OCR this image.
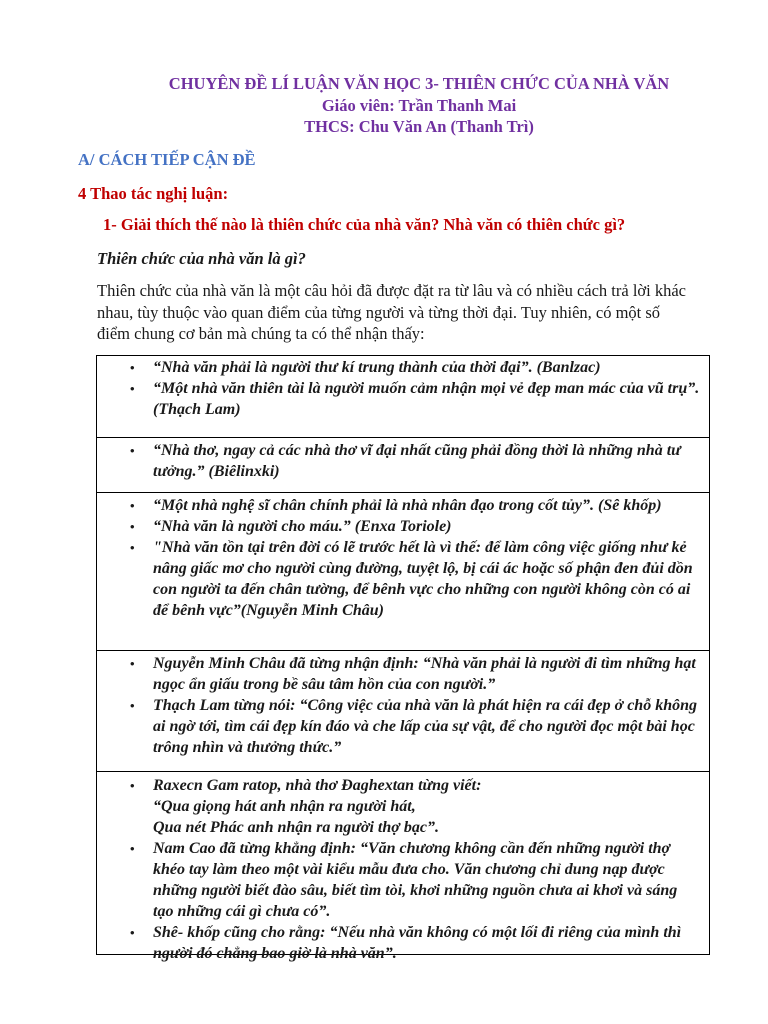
CHUYÊN ĐỀ LÍ LUẬN VĂN HỌC 3- THIÊN CHỨC CỦA NHÀ VĂN
Giáo viên: Trần Thanh Mai
THCS: Chu Văn An (Thanh Trì)
A/ CÁCH TIẾP CẬN ĐỀ
4 Thao tác nghị luận:
1- Giải thích thế nào là thiên chức của nhà văn? Nhà văn có thiên chức gì?
Thiên chức của nhà văn là gì?
Thiên chức của nhà văn là một câu hỏi đã được đặt ra từ lâu và có nhiều cách trả lời khác nhau, tùy thuộc vào quan điểm của từng người và từng thời đại. Tuy nhiên, có một số điểm chung cơ bản mà chúng ta có thể nhận thấy:
• “Nhà văn phải là người thư kí trung thành của thời đại”. (Banlzac)
• “Một nhà văn thiên tài là người muốn cảm nhận mọi vẻ đẹp man mác của vũ trụ”. (Thạch Lam)
• “Nhà thơ, ngay cả các nhà thơ vĩ đại nhất cũng phải đồng thời là những nhà tư tưởng.” (Biêlinxki)
• “Một nhà nghệ sĩ chân chính phải là nhà nhân đạo trong cốt tủy”. (Sê khốp)
• “Nhà văn là người cho máu.” (Enxa Toriole)
• "Nhà văn tồn tại trên đời có lẽ trước hết là vì thế: để làm công việc giống như kẻ nâng giấc mơ cho người cùng đường, tuyệt lộ, bị cái ác hoặc số phận đen đủi dồn con người ta đến chân tường, để bênh vực cho những con người không còn có ai để bênh vực”(Nguyễn Minh Châu)
• Nguyễn Minh Châu đã từng nhận định: “Nhà văn phải là người đi tìm những hạt ngọc ẩn giấu trong bề sâu tâm hồn của con người.”
• Thạch Lam từng nói: “Công việc của nhà văn là phát hiện ra cái đẹp ở chỗ không ai ngờ tới, tìm cái đẹp kín đáo và che lấp của sự vật, để cho người đọc một bài học trông nhìn và thưởng thức.”
• Raxecn Gam ratop, nhà thơ Đaghextan từng viết:
“Qua giọng hát anh nhận ra người hát,
Qua nét Phác anh nhận ra người thợ bạc”.
• Nam Cao đã từng khẳng định: “Văn chương không cần đến những người thợ khéo tay làm theo một vài kiểu mẫu đưa cho. Văn chương chỉ dung nạp được những người biết đào sâu, biết tìm tòi, khơi những nguồn chưa ai khơi và sáng tạo những cái gì chưa có”.
• Shê- khốp cũng cho rằng: “Nếu nhà văn không có một lối đi riêng của mình thì người đó chẳng bao giờ là nhà văn”.
